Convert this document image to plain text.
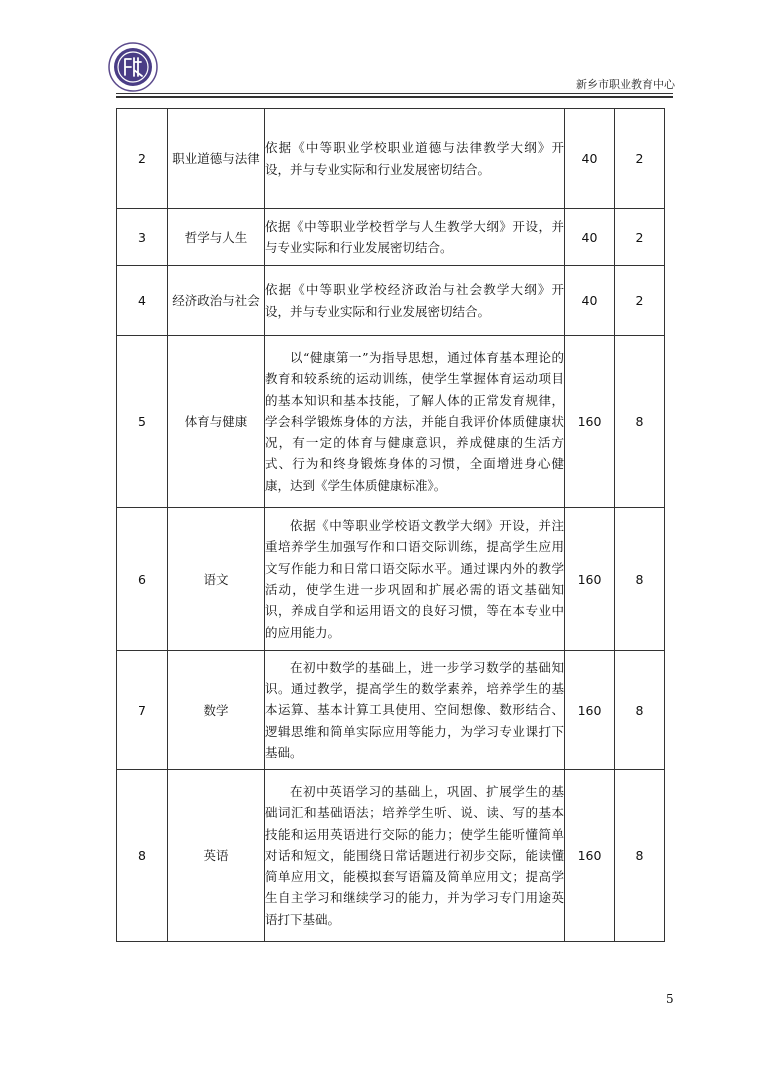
新乡市职业教育中心
2	职业道德与法律	依据《中等职业学校职业道德与法律教学大纲》开设，并与专业实际和行业发展密切结合。	40	2
3	哲学与人生	依据《中等职业学校哲学与人生教学大纲》开设，并与专业实际和行业发展密切结合。	40	2
4	经济政治与社会	依据《中等职业学校经济政治与社会教学大纲》开设，并与专业实际和行业发展密切结合。	40	2
5	体育与健康	以“健康第一”为指导思想，通过体育基本理论的教育和较系统的运动训练，使学生掌握体育运动项目的基本知识和基本技能，了解人体的正常发育规律，学会科学锻炼身体的方法，并能自我评价体质健康状况，有一定的体育与健康意识，养成健康的生活方式、行为和终身锻炼身体的习惯，全面增进身心健康，达到《学生体质健康标准》。	160	8
6	语文	依据《中等职业学校语文教学大纲》开设，并注重培养学生加强写作和口语交际训练，提高学生应用文写作能力和日常口语交际水平。通过课内外的教学活动，使学生进一步巩固和扩展必需的语文基础知识，养成自学和运用语文的良好习惯，等在本专业中的应用能力。	160	8
7	数学	在初中数学的基础上，进一步学习数学的基础知识。通过教学，提高学生的数学素养，培养学生的基本运算、基本计算工具使用、空间想像、数形结合、逻辑思维和简单实际应用等能力，为学习专业课打下基础。	160	8
8	英语	在初中英语学习的基础上，巩固、扩展学生的基础词汇和基础语法；培养学生听、说、读、写的基本技能和运用英语进行交际的能力；使学生能听懂简单对话和短文，能围绕日常话题进行初步交际，能读懂简单应用文，能模拟套写语篇及简单应用文；提高学生自主学习和继续学习的能力，并为学习专门用途英语打下基础。	160	8
5
